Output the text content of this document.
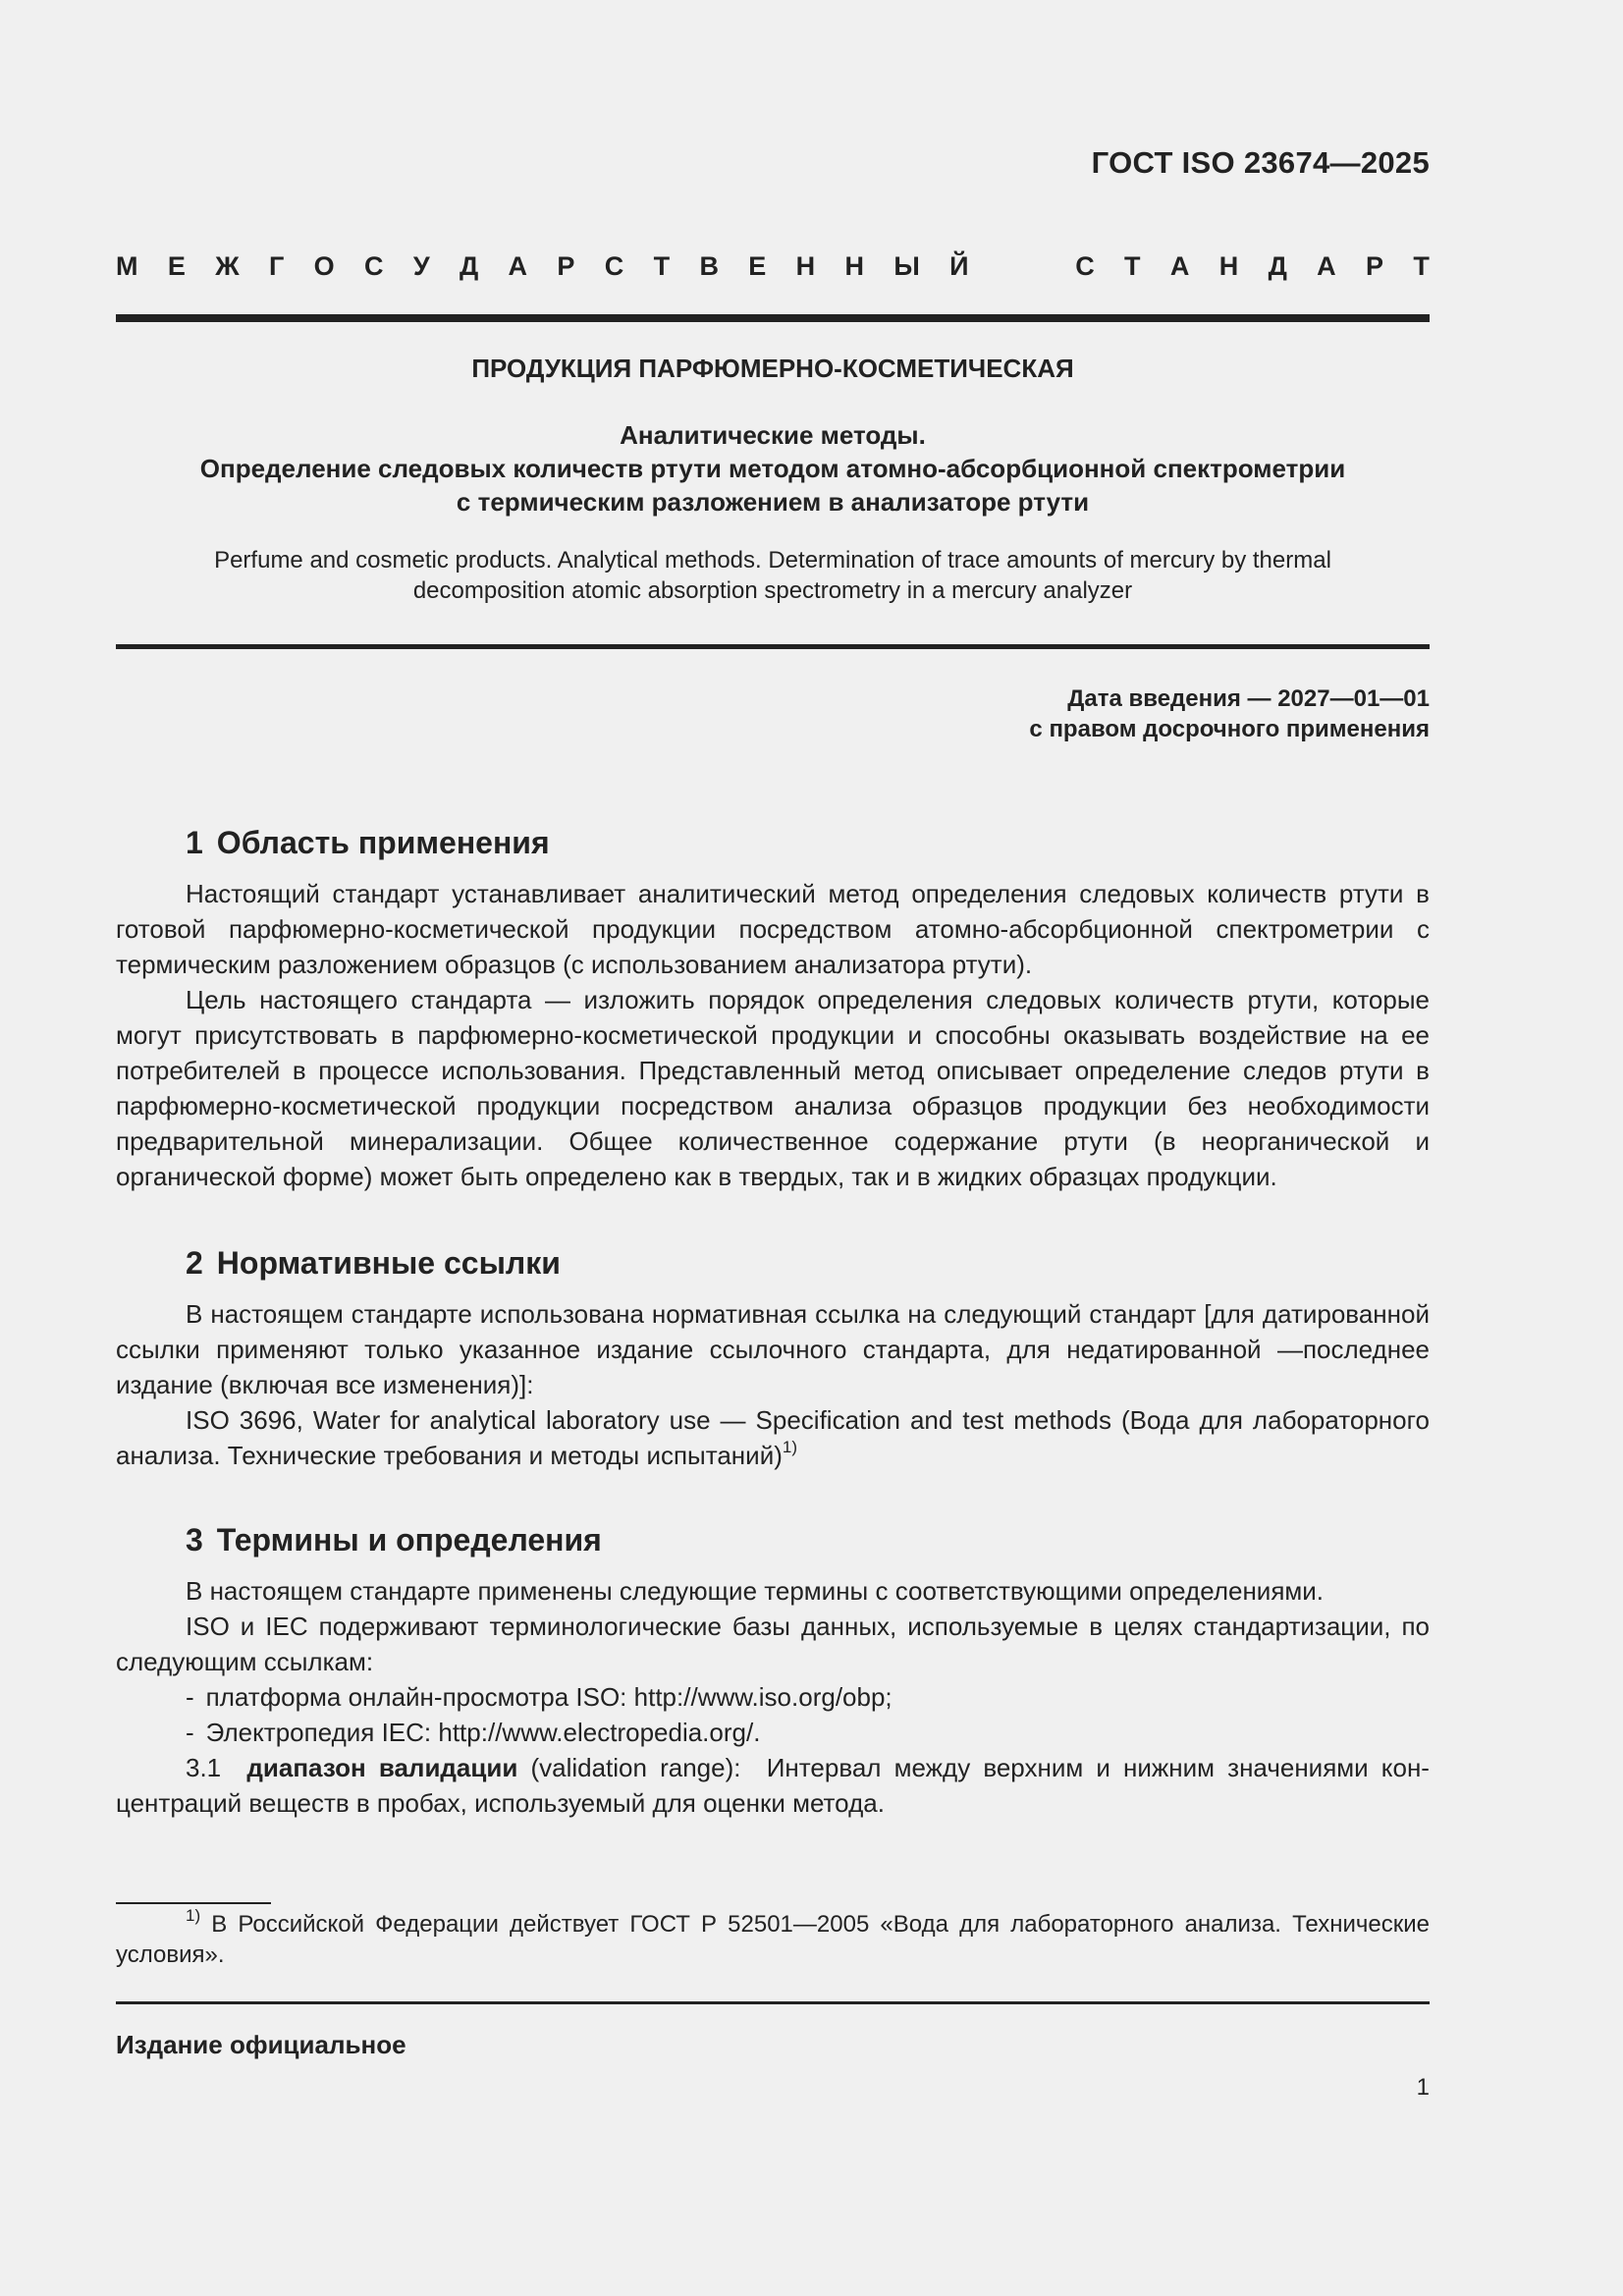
ГОСТ ISO 23674—2025
М Е Ж Г О С У Д А Р С Т В Е Н Н Ы Й	С Т А Н Д А Р Т
ПРОДУКЦИЯ ПАРФЮМЕРНО-КОСМЕТИЧЕСКАЯ
Аналитические методы.
Определение следовых количеств ртути методом атомно-абсорбционной спектрометрии
с термическим разложением в анализаторе ртути
Perfume and cosmetic products. Analytical methods. Determination of trace amounts of mercury by thermal
decomposition atomic absorption spectrometry in a mercury analyzer
Дата введения — 2027—01—01
с правом досрочного применения
1 Область применения

Настоящий стандарт устанавливает аналитический метод определения следовых количеств ртути в готовой парфюмерно-косметической продукции посредством атомно-абсорбционной спектрометрии с термическим разложением образцов (с использованием анализатора ртути).

Цель настоящего стандарта — изложить порядок определения следовых количеств ртути, которые могут присутствовать в парфюмерно-косметической продукции и способны оказывать воздействие на ее потребителей в процессе использования. Представленный метод описывает определение следов ртути в парфюмерно-косметической продукции посредством анализа образцов продукции без необходимости предварительной минерализации. Общее количественное содержание ртути (в неорганической и органической форме) может быть определено как в твердых, так и в жидких образцах продукции.

2 Нормативные ссылки

В настоящем стандарте использована нормативная ссылка на следующий стандарт [для датированной ссылки применяют только указанное издание ссылочного стандарта, для недатированной —последнее издание (включая все изменения)]:

ISO 3696, Water for analytical laboratory use — Specification and test methods (Вода для лабораторного анализа. Технические требования и методы испытаний)$^{1)}$

3 Термины и определения

В настоящем стандарте применены следующие термины с соответствующими определениями.

ISO и IEC подерживают терминологические базы данных, используемые в целях стандартизации, по следующим ссылкам:

- платформа онлайн-просмотра ISO: http://www.iso.org/obp;

- Электропедия IEC: http://www.electropedia.org/.

3.1 диапазон валидации (validation range): Интервал между верхним и нижним значениями концентраций веществ в пробах, используемый для оценки метода.

$^{1)}$ В Российской Федерации действует ГОСТ Р 52501—2005 «Вода для лабораторного анализа. Технические условия».

Издание официальное
1
